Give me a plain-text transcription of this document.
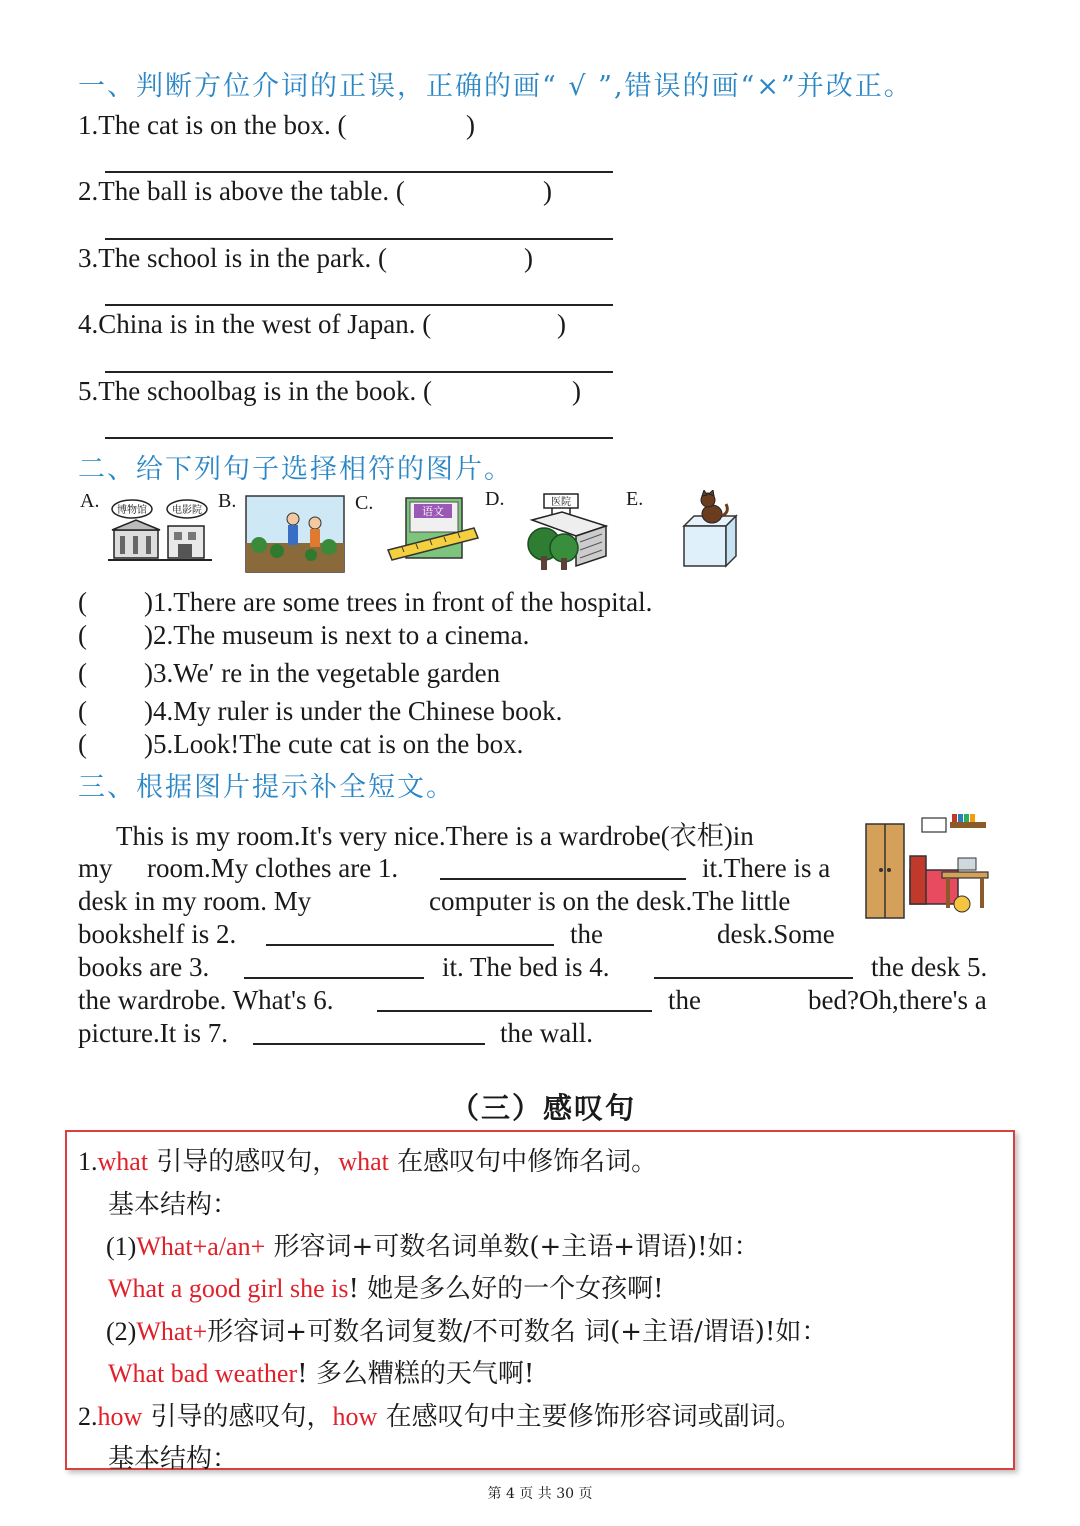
一、判断方位介词的正误，正确的画“ √ ”,错误的画“×”并改正。
1.The cat is on the box. (	)
2.The ball is above the table. (	)
3.The school is in the park. (	)
4.China is in the west of Japan. (	)
5.The schoolbag is in the book. (	)
二、给下列句子选择相符的图片。
A. 博物馆	电影院 B.	C.	语文
D.	医院	E.
( )1.There are some trees in front of the hospital.
( )2.The museum is next to a cinema.
( )3.We′ re in the vegetable garden
( )4.My ruler is under the Chinese book.
( )5.Look!The cute cat is on the box.
三、根据图片提示补全短文。
This is my room.It's very nice.There is a wardrobe(衣柜)in
my room.My clothes are 1.	it.There is a
desk in my room. My	computer is on the desk.The little
bookshelf is 2.	the	desk.Some
books are 3.	it. The bed is 4.	the desk 5.
the wardrobe. What's 6.	the	bed?Oh,there's a
picture.It is 7.	the wall.
（三）感叹句
1.what 引导的感叹句，what 在感叹句中修饰名词。
基本结构：
(1)What+a/an+ 形容词+可数名词单数(+主语+谓语)!如：
What a good girl she is! 她是多么好的一个女孩啊!
(2)What+形容词+可数名词复数/不可数名 词(+主语/谓语)!如：
What bad weather! 多么糟糕的天气啊!
2.how 引导的感叹句，how 在感叹句中主要修饰形容词或副词。
基本结构：
第 4 页 共 30 页
